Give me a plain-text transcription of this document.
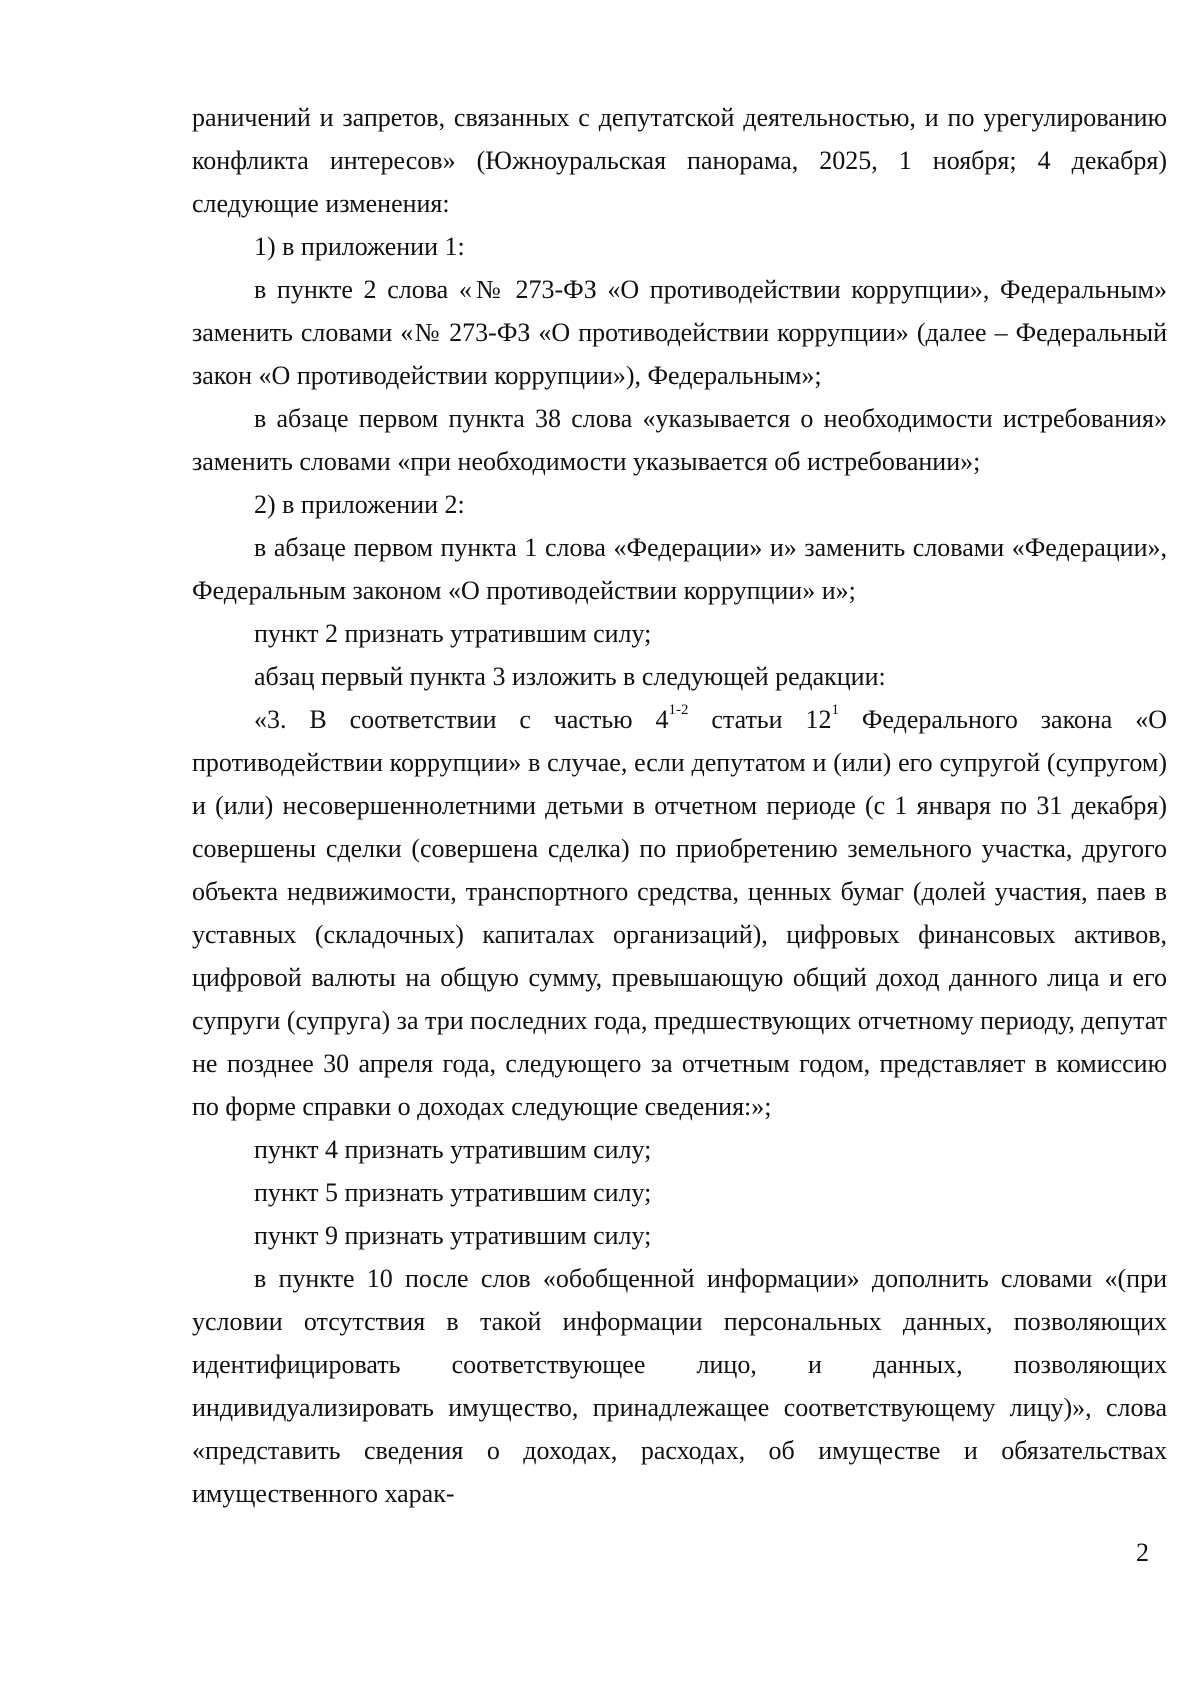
раничений и запретов, связанных с депутатской деятельностью, и по урегулированию конфликта интересов» (Южноуральская панорама, 2025, 1 ноября; 4 декабря) следующие изменения:

1) в приложении 1:

в пункте 2 слова «№ 273-ФЗ «О противодействии коррупции», Федеральным» заменить словами «№ 273-ФЗ «О противодействии коррупции» (далее – Федеральный закон «О противодействии коррупции»), Федеральным»;

в абзаце первом пункта 38 слова «указывается о необходимости истребования» заменить словами «при необходимости указывается об истребовании»;

2) в приложении 2:

в абзаце первом пункта 1 слова «Федерации» и» заменить словами «Федерации», Федеральным законом «О противодействии коррупции» и»;

пункт 2 признать утратившим силу;

абзац первый пункта 3 изложить в следующей редакции:

«3. В соответствии с частью 4$^{1-2}$ статьи $12^1$ Федерального закона «О противодействии коррупции» в случае, если депутатом и (или) его супругой (супругом) и (или) несовершеннолетними детьми в отчетном периоде (с 1 января по 31 декабря) совершены сделки (совершена сделка) по приобретению земельного участка, другого объекта недвижимости, транспортного средства, ценных бумаг (долей участия, паев в уставных (складочных) капиталах организаций), цифровых финансовых активов, цифровой валюты на общую сумму, превышающую общий доход данного лица и его супруги (супруга) за три последних года, предшествующих отчетному периоду, депутат не позднее 30 апреля года, следующего за отчетным годом, представляет в комиссию по форме справки о доходах следующие сведения:»;

пункт 4 признать утратившим силу;

пункт 5 признать утратившим силу;

пункт 9 признать утратившим силу;

в пункте 10 после слов «обобщенной информации» дополнить словами «(при условии отсутствия в такой информации персональных данных, позволяющих идентифицировать соответствующее лицо, и данных, позволяющих индивидуализировать имущество, принадлежащее соответствующему лицу)», слова «представить сведения о доходах, расходах, об имуществе и обязательствах имущественного харак-

2
